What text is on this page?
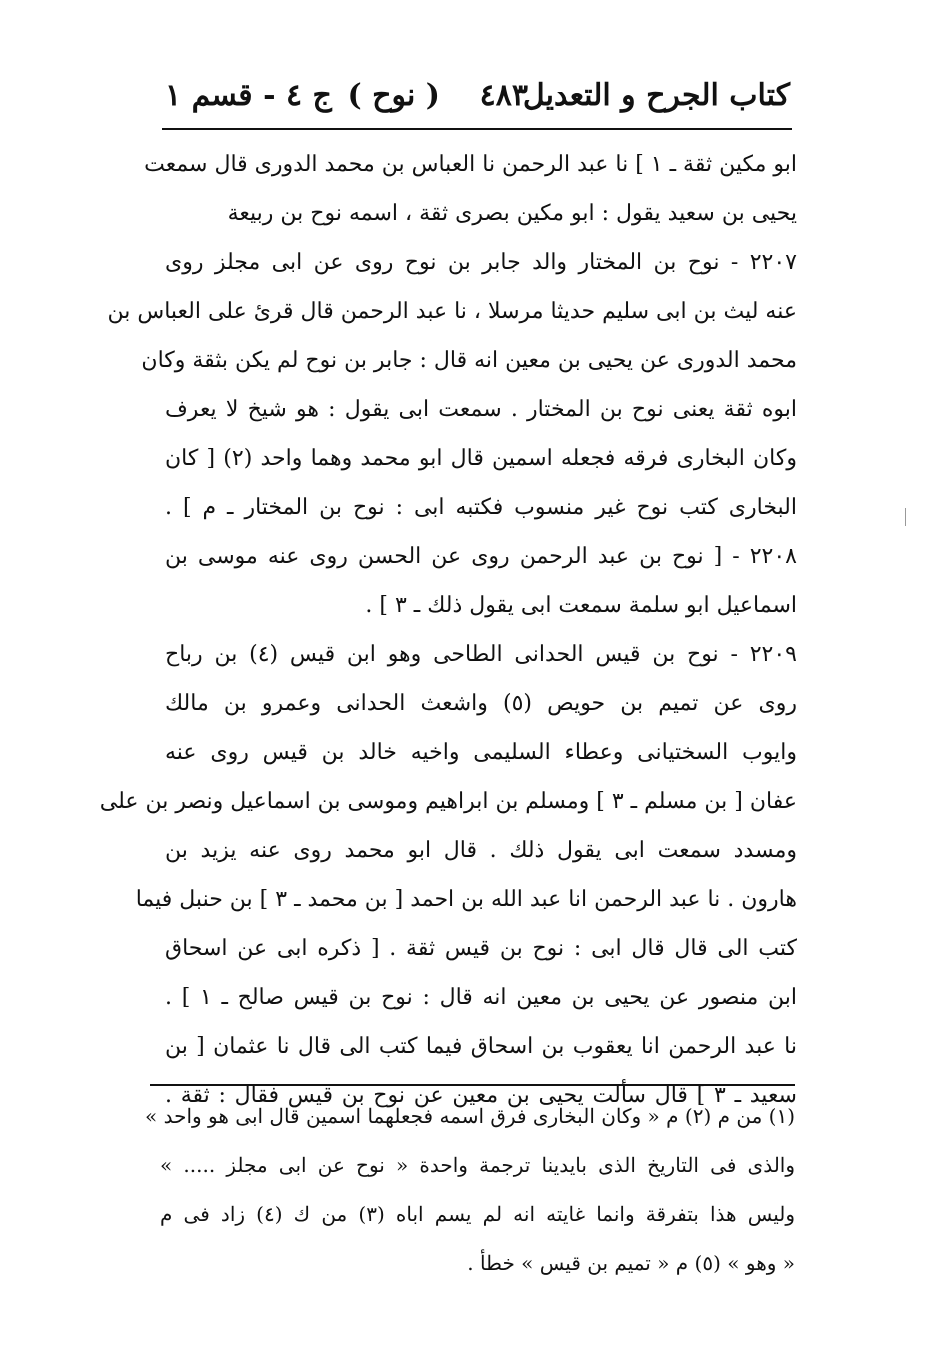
كتاب الجرح و التعديل
٤٨٣
( نوح )
ج ٤ - قسم ١
ابو مكين ثقة ـ ١ ] نا عبد الرحمن نا العباس بن محمد الدورى قال سمعت
يحيى بن سعيد يقول : ابو مكين بصرى ثقة ، اسمه نوح بن ربيعة
٢٢٠٧ - نوح بن المختار والد جابر بن نوح روى عن ابى مجلز روى
عنه ليث بن ابى سليم حديثا مرسلا ، نا عبد الرحمن قال قرئ على العباس بن
محمد الدورى عن يحيى بن معين انه قال : جابر بن نوح لم يكن بثقة وكان
ابوه ثقة يعنى نوح بن المختار . سمعت ابى يقول : هو شيخ لا يعرف
وكان البخارى فرقه فجعله اسمين قال ابو محمد وهما واحد (٢) [ كان
البخارى كتب نوح غير منسوب فكتبه ابى : نوح بن المختار ـ م ] .
٢٢٠٨ - [ نوح بن عبد الرحمن روى عن الحسن روى عنه موسى بن
اسماعيل ابو سلمة سمعت ابى يقول ذلك ـ ٣ ] .
٢٢٠٩ - نوح بن قيس الحدانى الطاحى وهو ابن قيس (٤) بن رباح
روى عن تميم بن حويص (٥) واشعث الحدانى وعمرو بن مالك
وايوب السختيانى وعطاء السليمى واخيه خالد بن قيس روى عنه
عفان [ بن مسلم ـ ٣ ] ومسلم بن ابراهيم وموسى بن اسماعيل ونصر بن على
ومسدد سمعت ابى يقول ذلك . قال ابو محمد روى عنه يزيد بن
هارون . نا عبد الرحمن انا عبد الله بن احمد [ بن محمد ـ ٣ ] بن حنبل فيما
كتب الى قال قال ابى : نوح بن قيس ثقة . [ ذكره ابى عن اسحاق
ابن منصور عن يحيى بن معين انه قال : نوح بن قيس صالح ـ ١ ] .
نا عبد الرحمن انا يعقوب بن اسحاق فيما كتب الى قال نا عثمان [ بن
سعيد ـ ٣ ] قال سألت يحيى بن معين عن نوح بن قيس فقال : ثقة .
(١) من م (٢) م « وكان البخارى فرق اسمه فجعلهما اسمين قال ابى هو واحد »
والذى فى التاريخ الذى بايدينا ترجمة واحدة « نوح عن ابى مجلز ..... »
وليس هذا بتفرقة وانما غايته انه لم يسم اباه (٣) من ك (٤) زاد فى م
« وهو » (٥) م « تميم بن قيس » خطأ .
